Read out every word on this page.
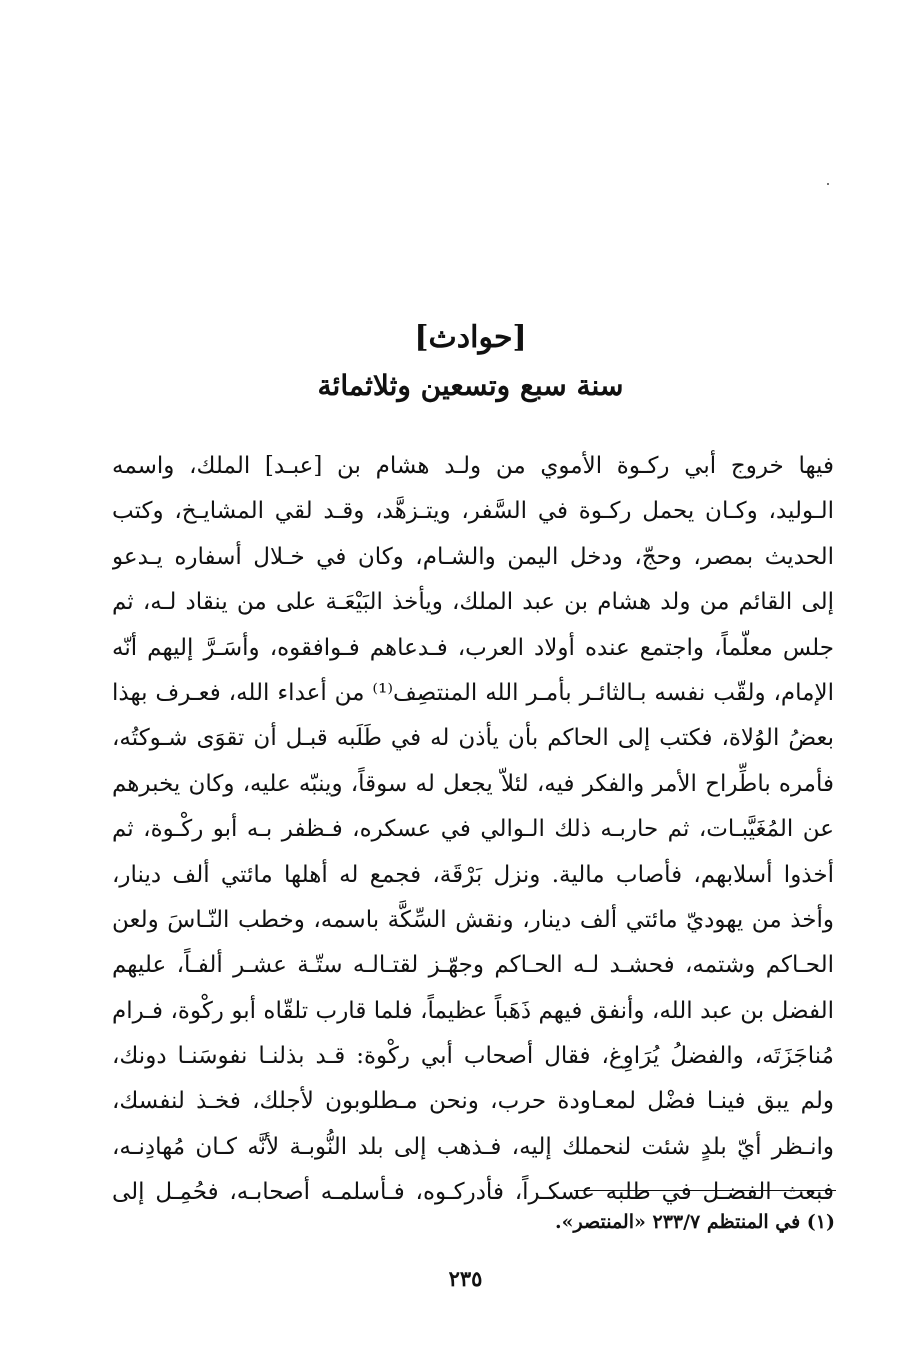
[حوادث]
سنة سبع وتسعين وثلاثمائة
فيها خروج أبي ركـوة الأموي من ولـد هشام بن [عبـد] الملك، واسمه
الـوليد، وكـان يحمل ركـوة في السَّفر، ويتـزهَّد، وقـد لقي المشايـخ، وكتب
الحديث بمصر، وحجّ، ودخل اليمن والشـام، وكان في خـلال أسفاره يـدعو
إلى القائم من ولد هشام بن عبد الملك، ويأخذ البَيْعَـة على من ينقاد لـه، ثم
جلس معلّماً، واجتمع عنده أولاد العرب، فـدعاهم فـوافقوه، وأسَـرَّ إليهم أنّه
الإمام، ولقّب نفسه بـالثائـر بأمـر الله المنتصِف⁽¹⁾ من أعداء الله، فعـرف بهذا
بعضُ الوُلاة، فكتب إلى الحاكم بأن يأذن له في طَلَبه قبـل أن تقوَى شـوكتُه،
فأمره باطِّراح الأمر والفكر فيه، لئلاّ يجعل له سوقاً، وينبّه عليه، وكان يخبرهم
عن المُغَيَّبـات، ثم حاربـه ذلك الـوالي في عسكره، فـظفر بـه أبو ركْـوة، ثم
أخذوا أسلابهم، فأصاب مالية. ونزل بَرْقَة، فجمع له أهلها مائتي ألف دينار،
وأخذ من يهوديّ مائتي ألف دينار، ونقش السِّكَّة باسمه، وخطب النّـاسَ ولعن
الحـاكم وشتمه، فحشـد لـه الحـاكم وجهّـز لقتـالـه ستّـة عشـر ألفـاً، عليهم
الفضل بن عبد الله، وأنفق فيهم ذَهَباً عظيماً، فلما قارب تلقّاه أبو ركْوة، فـرام
مُناجَزَتَه، والفضلُ يُرَاوِغ، فقال أصحاب أبي ركْوة: قـد بذلنـا نفوسَنـا دونك،
ولم يبق فينـا فضْل لمعـاودة حرب، ونحن مـطلوبون لأجلك، فخـذ لنفسك،
وانـظر أيّ بلدٍ شئت لنحملك إليه، فـذهب إلى بلد النُّوبـة لأنَّه كـان مُهادِنـه،
فبعث الفضـل في طلبه عسكـراً، فأدركـوه، فـأسلمـه أصحابـه، فحُمِـل إلى
(١) في المنتظم ٢٣٣/٧ «المنتصر».
٢٣٥
